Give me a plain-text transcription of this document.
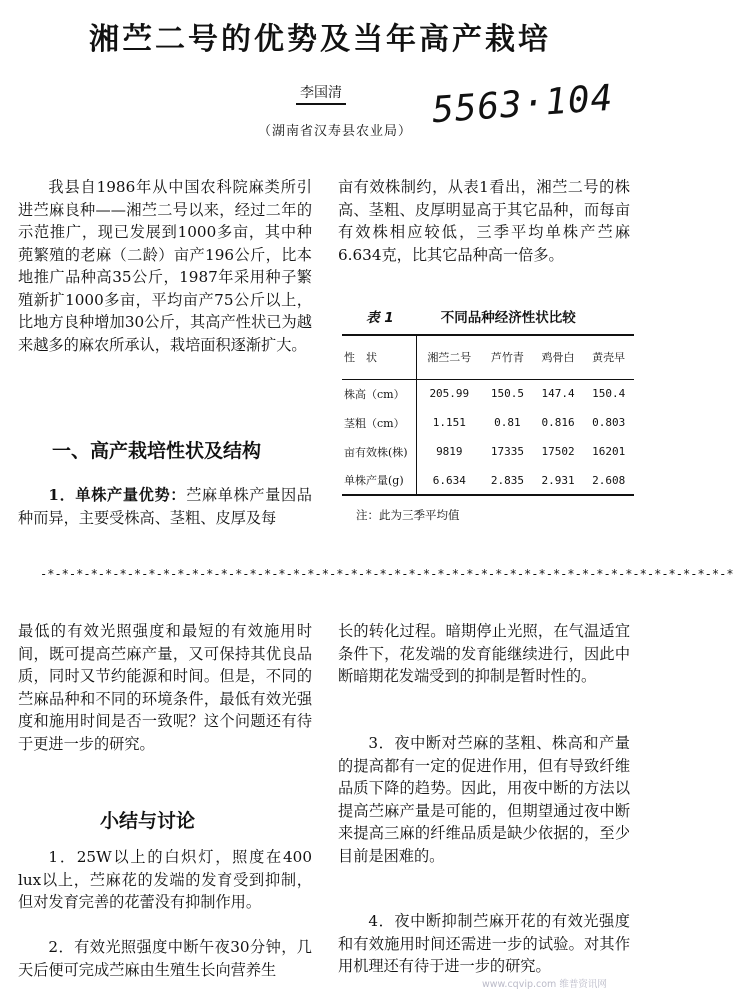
湘苎二号的优势及当年高产栽培
李国清 5563·104
（湖南省汉寿县农业局）

我县自1986年从中国农科院麻类所引进苎麻良种——湘苎二号以来，经过二年的示范推广，现已发展到1000多亩，其中种蔸繁殖的老麻（二龄）亩产196公斤，比本地推广品种高35公斤，1987年采用种子繁殖新扩1000多亩，平均亩产75公斤以上，比地方良种增加30公斤，其高产性状已为越来越多的麻农所承认，栽培面积逐渐扩大。

一、高产栽培性状及结构

1．单株产量优势：苎麻单株产量因品种而异，主要受株高、茎粗、皮厚及每

亩有效株制约，从表1看出，湘苎二号的株高、茎粗、皮厚明显高于其它品种，而每亩有效株相应较低，三季平均单株产苎麻6.634克，比其它品种高一倍多。

表 1	不同品种经济性状比较
性　状	湘苎二号	芦竹青	鸡骨白	黄壳早
株高（cm）	205.99	150.5	147.4	150.4
茎粗（cm）	1.151	0.81	0.816	0.803
亩有效株(株)	9819	17335	17502	16201
单株产量(g)	6.634	2.835	2.931	2.608
注：此为三季平均值
-*-*-*-*-*-*-*-*-*-*-*-*-*-*-*-*-*-*-*-*-*-*-*-*-*-*-*-*-*-*-*-*-*-*-*-*-*-*-*-*-*-*-*-*-*-*-*-*

最低的有效光照强度和最短的有效施用时间，既可提高苎麻产量，又可保持其优良品质，同时又节约能源和时间。但是，不同的苎麻品种和不同的环境条件，最低有效光强度和施用时间是否一致呢？这个问题还有待于更进一步的研究。

小结与讨论

1．25W以上的白炽灯，照度在400 lux以上，苎麻花的发端的发育受到抑制，但对发育完善的花蕾没有抑制作用。

2．有效光照强度中断午夜30分钟，几天后便可完成苎麻由生殖生长向营养生

长的转化过程。暗期停止光照，在气温适宜条件下，花发端的发育能继续进行，因此中断暗期花发端受到的抑制是暂时性的。

3．夜中断对苎麻的茎粗、株高和产量的提高都有一定的促进作用，但有导致纤维品质下降的趋势。因此，用夜中断的方法以提高苎麻产量是可能的，但期望通过夜中断来提高三麻的纤维品质是缺少依据的，至少目前是困难的。

4．夜中断抑制苎麻开花的有效光强度和有效施用时间还需进一步的试验。对其作用机理还有待于进一步的研究。

www.cqvip.com 维普资讯网
